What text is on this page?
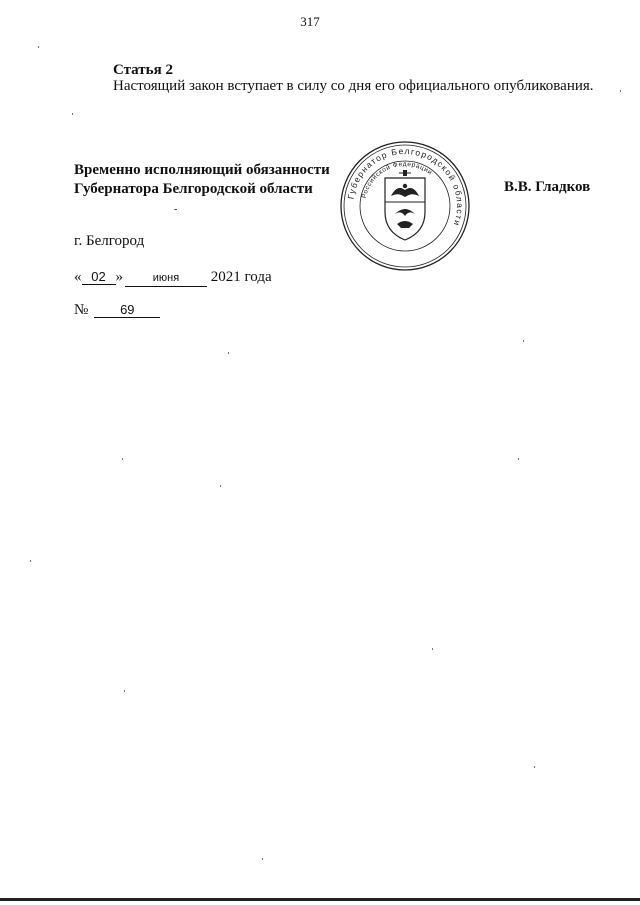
317
Статья 2
Настоящий закон вступает в силу со дня его официального опубликования.
Временно исполняющий обязанности
Губернатора Белгородской области	В.В. Гладков
-
Губернатор Белгородской области
Российской Федерации
г. Белгород
« 02 »	июня 2021 года
№ 69
